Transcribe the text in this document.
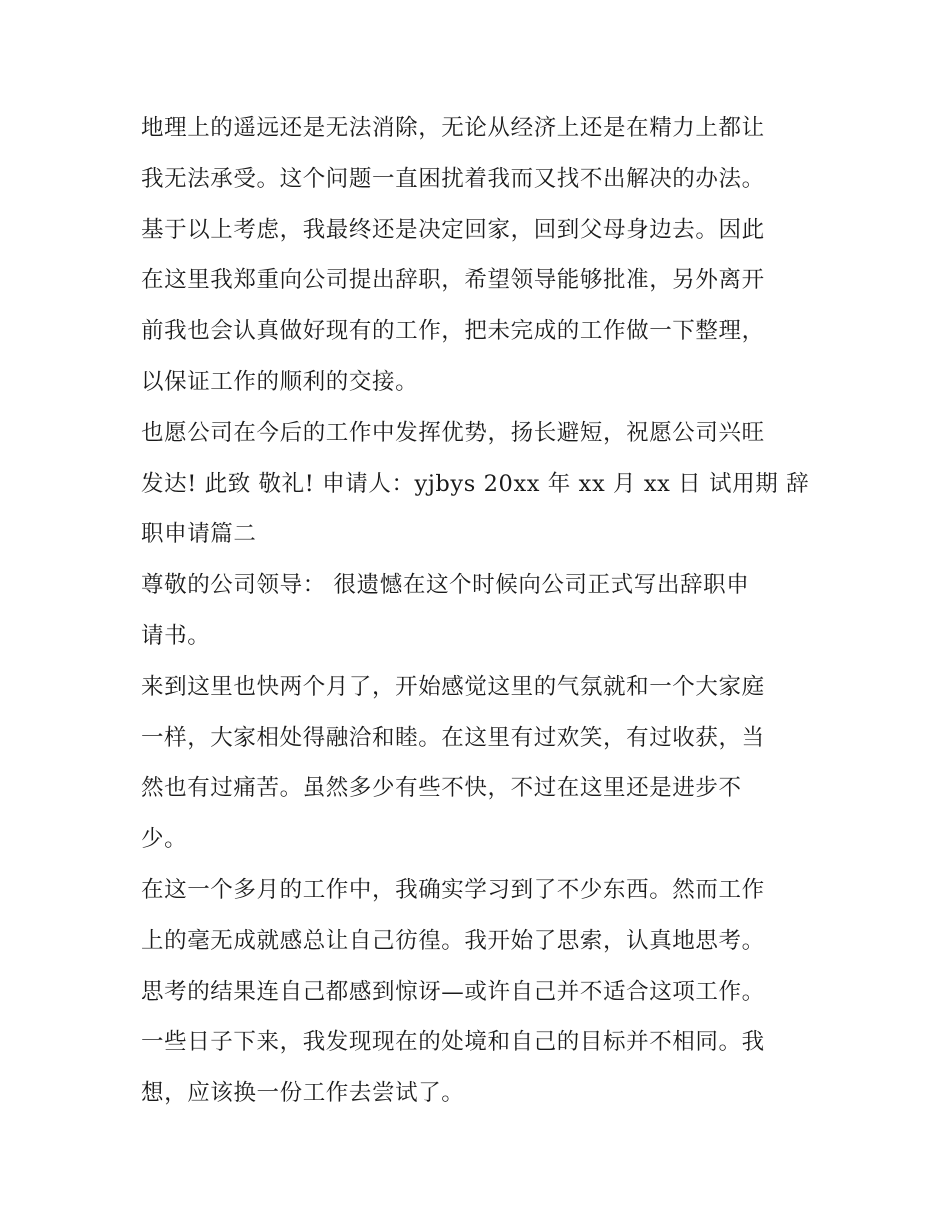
地理上的遥远还是无法消除，无论从经济上还是在精力上都让
我无法承受。这个问题一直困扰着我而又找不出解决的办法。
基于以上考虑，我最终还是决定回家，回到父母身边去。因此
在这里我郑重向公司提出辞职，希望领导能够批准，另外离开
前我也会认真做好现有的工作，把未完成的工作做一下整理，
以保证工作的顺利的交接。
也愿公司在今后的工作中发挥优势，扬长避短，祝愿公司兴旺
发达! 此致 敬礼! 申请人：yjbys 20xx 年 xx 月 xx 日 试用期 辞
职申请篇二
尊敬的公司领导： 很遗憾在这个时候向公司正式写出辞职申
请书。
来到这里也快两个月了，开始感觉这里的气氛就和一个大家庭
一样，大家相处得融洽和睦。在这里有过欢笑，有过收获，当
然也有过痛苦。虽然多少有些不快，不过在这里还是进步不
少。
在这一个多月的工作中，我确实学习到了不少东西。然而工作
上的毫无成就感总让自己彷徨。我开始了思索，认真地思考。
思考的结果连自己都感到惊讶—或许自己并不适合这项工作。
一些日子下来，我发现现在的处境和自己的目标并不相同。我
想，应该换一份工作去尝试了。
